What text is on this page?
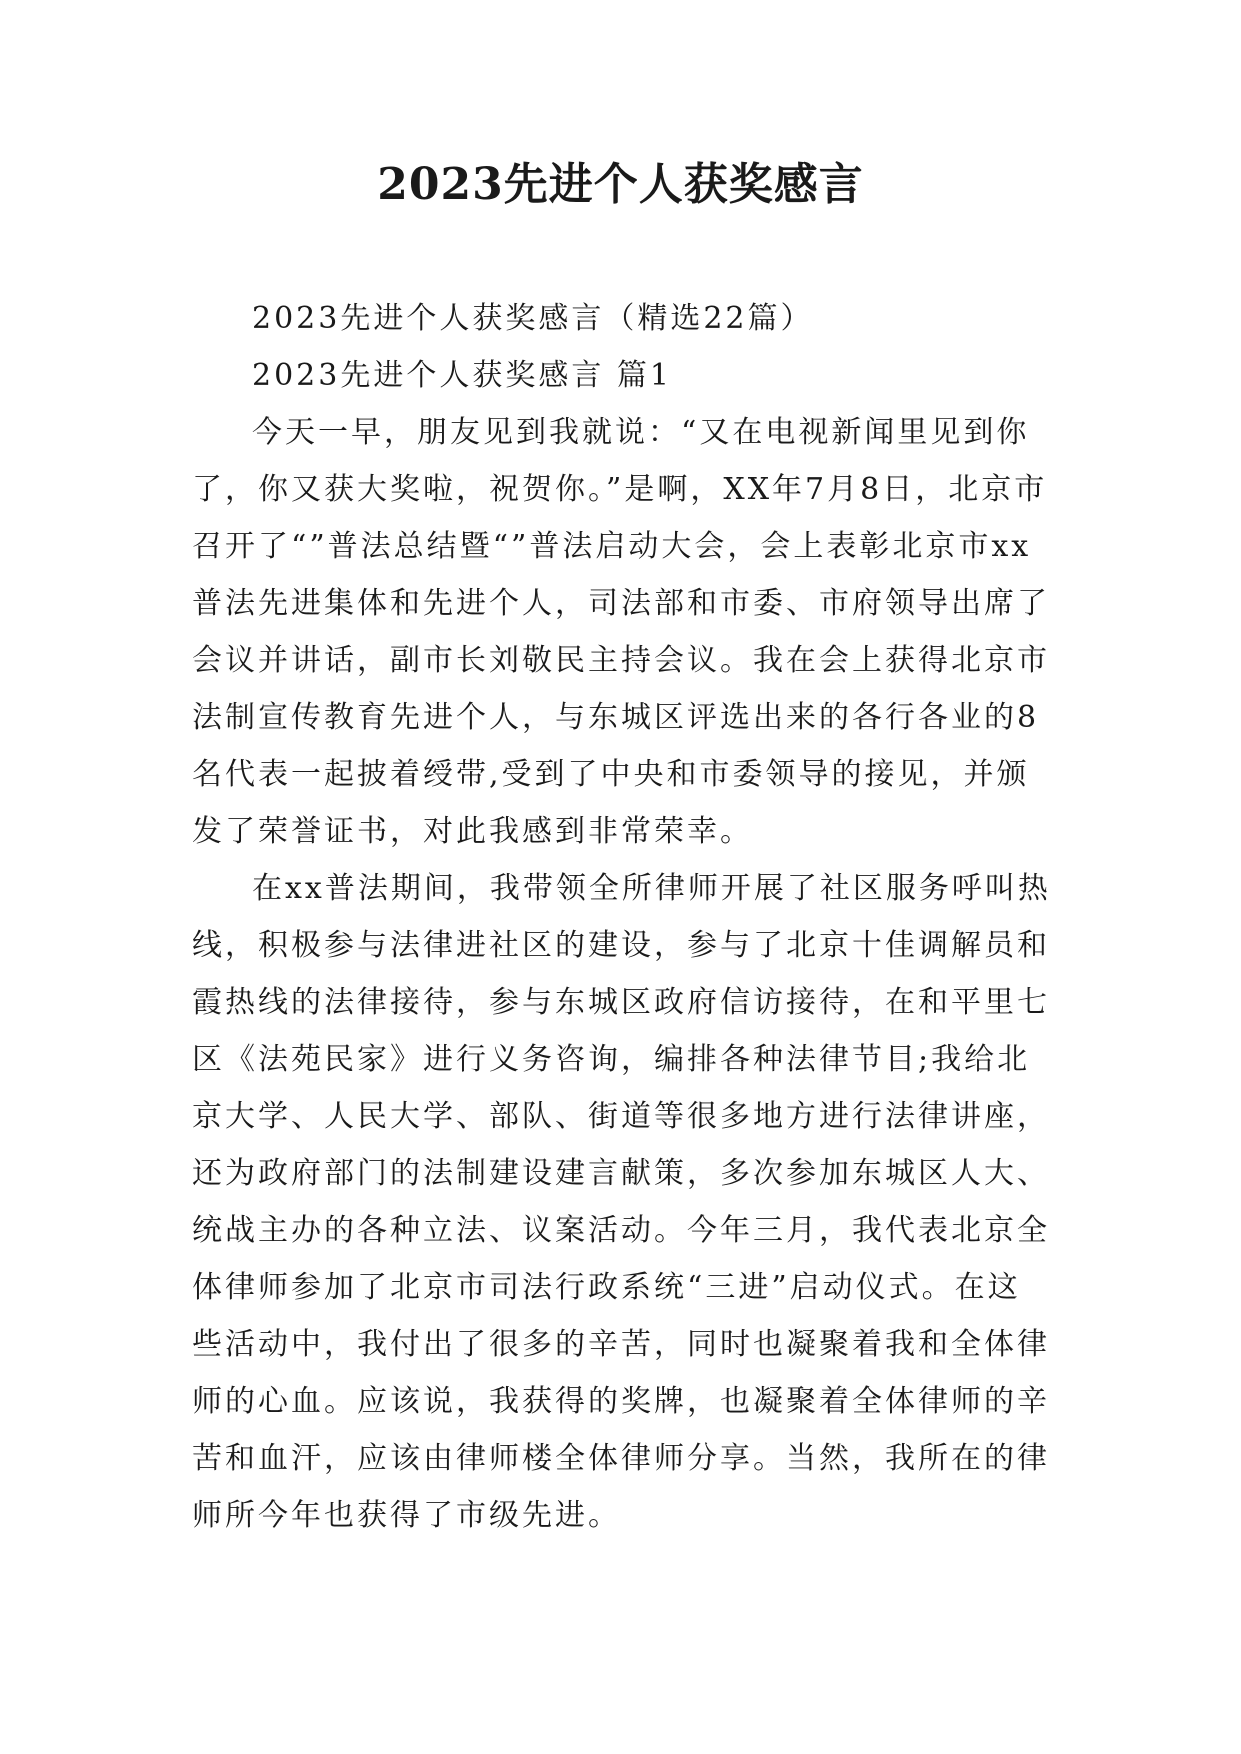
2023先进个人获奖感言

2023先进个人获奖感言（精选22篇）

2023先进个人获奖感言 篇1

今天一早，朋友见到我就说：“又在电视新闻里见到你了，你又获大奖啦，祝贺你。”是啊，XX年7月8日，北京市召开了“”普法总结暨“”普法启动大会，会上表彰北京市xx普法先进集体和先进个人，司法部和市委、市府领导出席了会议并讲话，副市长刘敬民主持会议。我在会上获得北京市法制宣传教育先进个人，与东城区评选出来的各行各业的8名代表一起披着绶带,受到了中央和市委领导的接见，并颁发了荣誉证书，对此我感到非常荣幸。

在xx普法期间，我带领全所律师开展了社区服务呼叫热线，积极参与法律进社区的建设，参与了北京十佳调解员和霞热线的法律接待，参与东城区政府信访接待，在和平里七区《法苑民家》进行义务咨询，编排各种法律节目;我给北京大学、人民大学、部队、街道等很多地方进行法律讲座，还为政府部门的法制建设建言献策，多次参加东城区人大、统战主办的各种立法、议案活动。今年三月，我代表北京全体律师参加了北京市司法行政系统“三进”启动仪式。在这些活动中，我付出了很多的辛苦，同时也凝聚着我和全体律师的心血。应该说，我获得的奖牌，也凝聚着全体律师的辛苦和血汗，应该由律师楼全体律师分享。当然，我所在的律师所今年也获得了市级先进。
